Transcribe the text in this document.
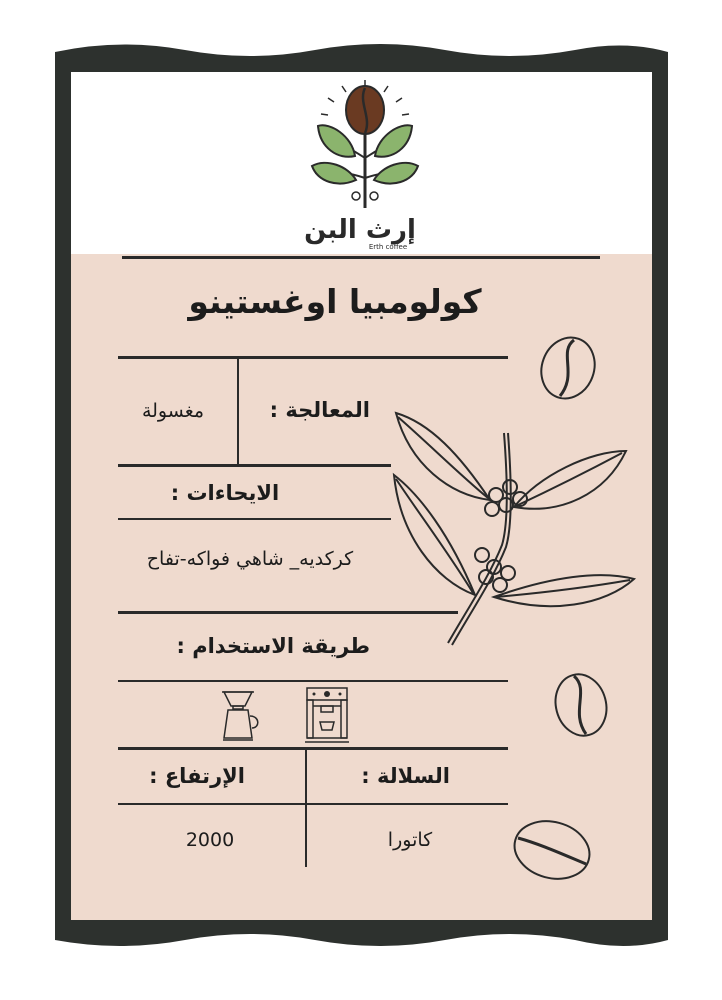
إرث البن
Erth coffee
كولومبيا اوغستينو
المعالجة :
مغسولة
الايحاءات :
كركديه_ شاهي فواكه-تفاح
طريقة الاستخدام :
السلالة :
الإرتفاع :
كاتورا
2000
